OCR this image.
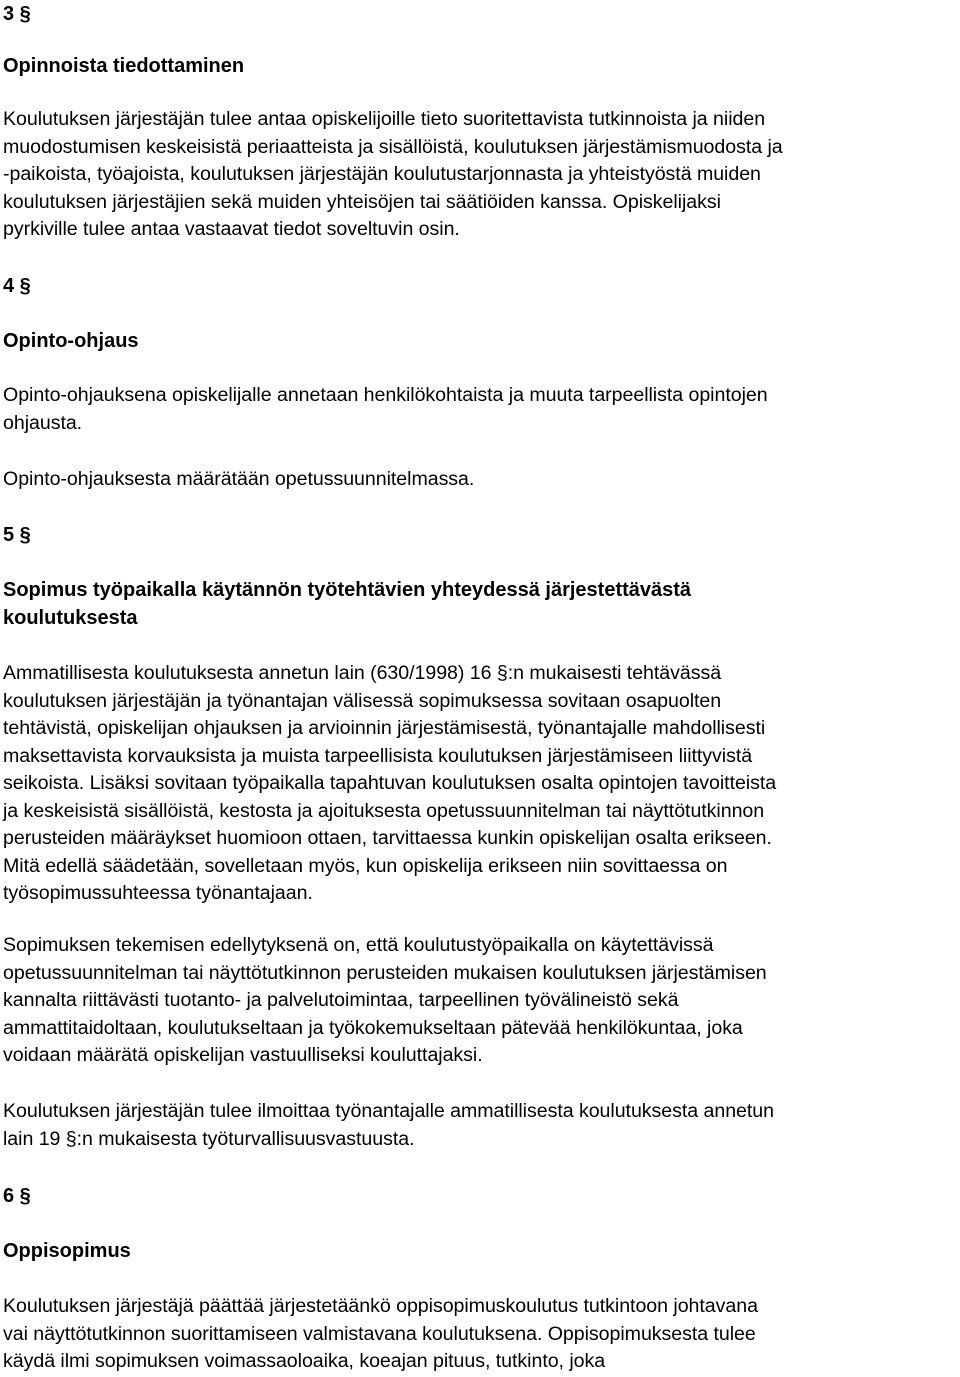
3 §
Opinnoista tiedottaminen

Koulutuksen järjestäjän tulee antaa opiskelijoille tieto suoritettavista tutkinnoista ja niiden
muodostumisen keskeisistä periaatteista ja sisällöistä, koulutuksen järjestämismuodosta ja
-paikoista, työajoista, koulutuksen järjestäjän koulutustarjonnasta ja yhteistyöstä muiden
koulutuksen järjestäjien sekä muiden yhteisöjen tai säätiöiden kanssa. Opiskelijaksi
pyrkiville tulee antaa vastaavat tiedot soveltuvin osin.

4 §
Opinto-ohjaus

Opinto-ohjauksena opiskelijalle annetaan henkilökohtaista ja muuta tarpeellista opintojen
ohjausta.

Opinto-ohjauksesta määrätään opetussuunnitelmassa.

5 §
Sopimus työpaikalla käytännön työtehtävien yhteydessä järjestettävästä
koulutuksesta

Ammatillisesta koulutuksesta annetun lain (630/1998) 16 §:n mukaisesti tehtävässä
koulutuksen järjestäjän ja työnantajan välisessä sopimuksessa sovitaan osapuolten
tehtävistä, opiskelijan ohjauksen ja arvioinnin järjestämisestä, työnantajalle mahdollisesti
maksettavista korvauksista ja muista tarpeellisista koulutuksen järjestämiseen liittyvistä
seikoista. Lisäksi sovitaan työpaikalla tapahtuvan koulutuksen osalta opintojen tavoitteista
ja keskeisistä sisällöistä, kestosta ja ajoituksesta opetussuunnitelman tai näyttötutkinnon
perusteiden määräykset huomioon ottaen, tarvittaessa kunkin opiskelijan osalta erikseen.
Mitä edellä säädetään, sovelletaan myös, kun opiskelija erikseen niin sovittaessa on
työsopimussuhteessa työnantajaan.

Sopimuksen tekemisen edellytyksenä on, että koulutustyöpaikalla on käytettävissä
opetussuunnitelman tai näyttötutkinnon perusteiden mukaisen koulutuksen järjestämisen
kannalta riittävästi tuotanto- ja palvelutoimintaa, tarpeellinen työvälineistö sekä
ammattitaidoltaan, koulutukseltaan ja työkokemukseltaan pätevää henkilökuntaa, joka
voidaan määrätä opiskelijan vastuulliseksi kouluttajaksi.

Koulutuksen järjestäjän tulee ilmoittaa työnantajalle ammatillisesta koulutuksesta annetun
lain 19 §:n mukaisesta työturvallisuusvastuusta.

6 §
Oppisopimus

Koulutuksen järjestäjä päättää järjestetäänkö oppisopimuskoulutus tutkintoon johtavana
vai näyttötutkinnon suorittamiseen valmistavana koulutuksena. Oppisopimuksesta tulee
käydä ilmi sopimuksen voimassaoloaika, koeajan pituus, tutkinto, joka
